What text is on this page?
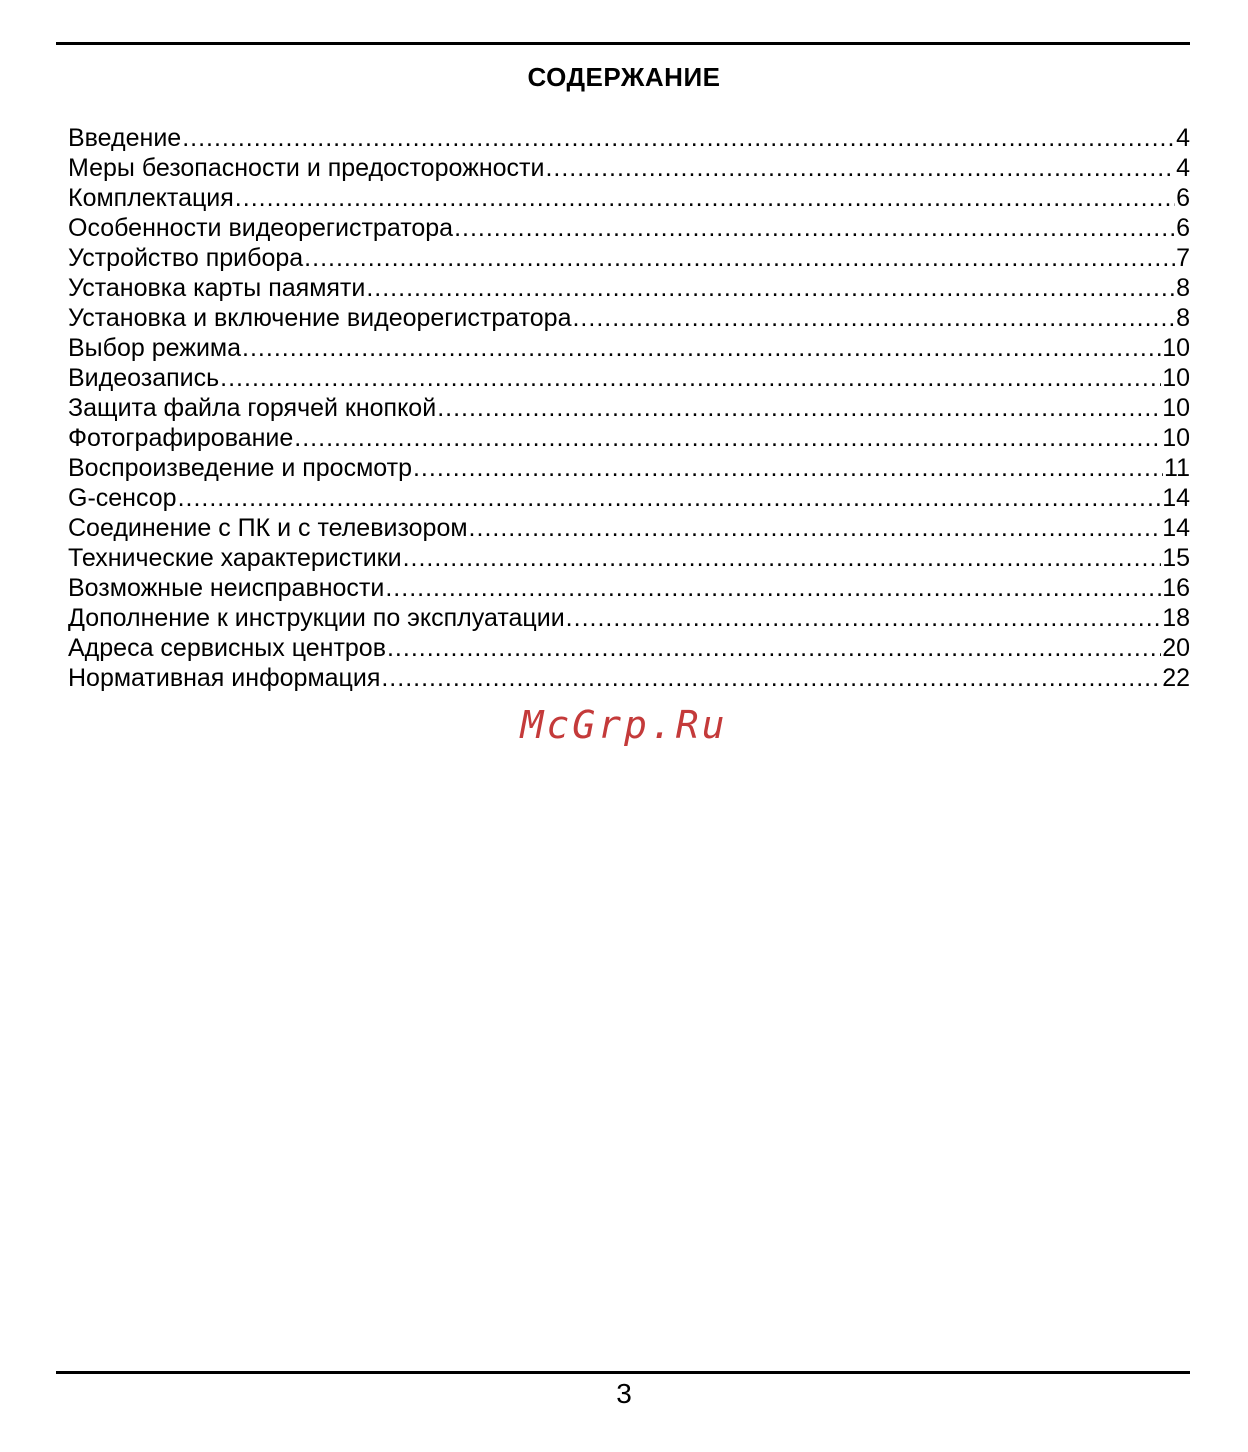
СОДЕРЖАНИЕ
Введение .....	4
Меры безопасности и предосторожности .....	4
Комплектация .....	6
Особенности видеорегистратора .....	6
Устройство прибора .....	7
Установка карты паямяти .....	8
Установка и включение видеорегистратора .....	8
Выбор режима .....	10
Видеозапись .....	10
Защита файла горячей кнопкой .....	10
Фотографирование .....	10
Воспроизведение и просмотр .....	11
G-сенсор .....	14
Соединение с ПК и с телевизором .....	14
Технические характеристики .....	15
Возможные неисправности .....	16
Дополнение к инструкции по эксплуатации .....	18
Адреса сервисных центров .....	20
Нормативная информация .....	22
McGrp.Ru
3
